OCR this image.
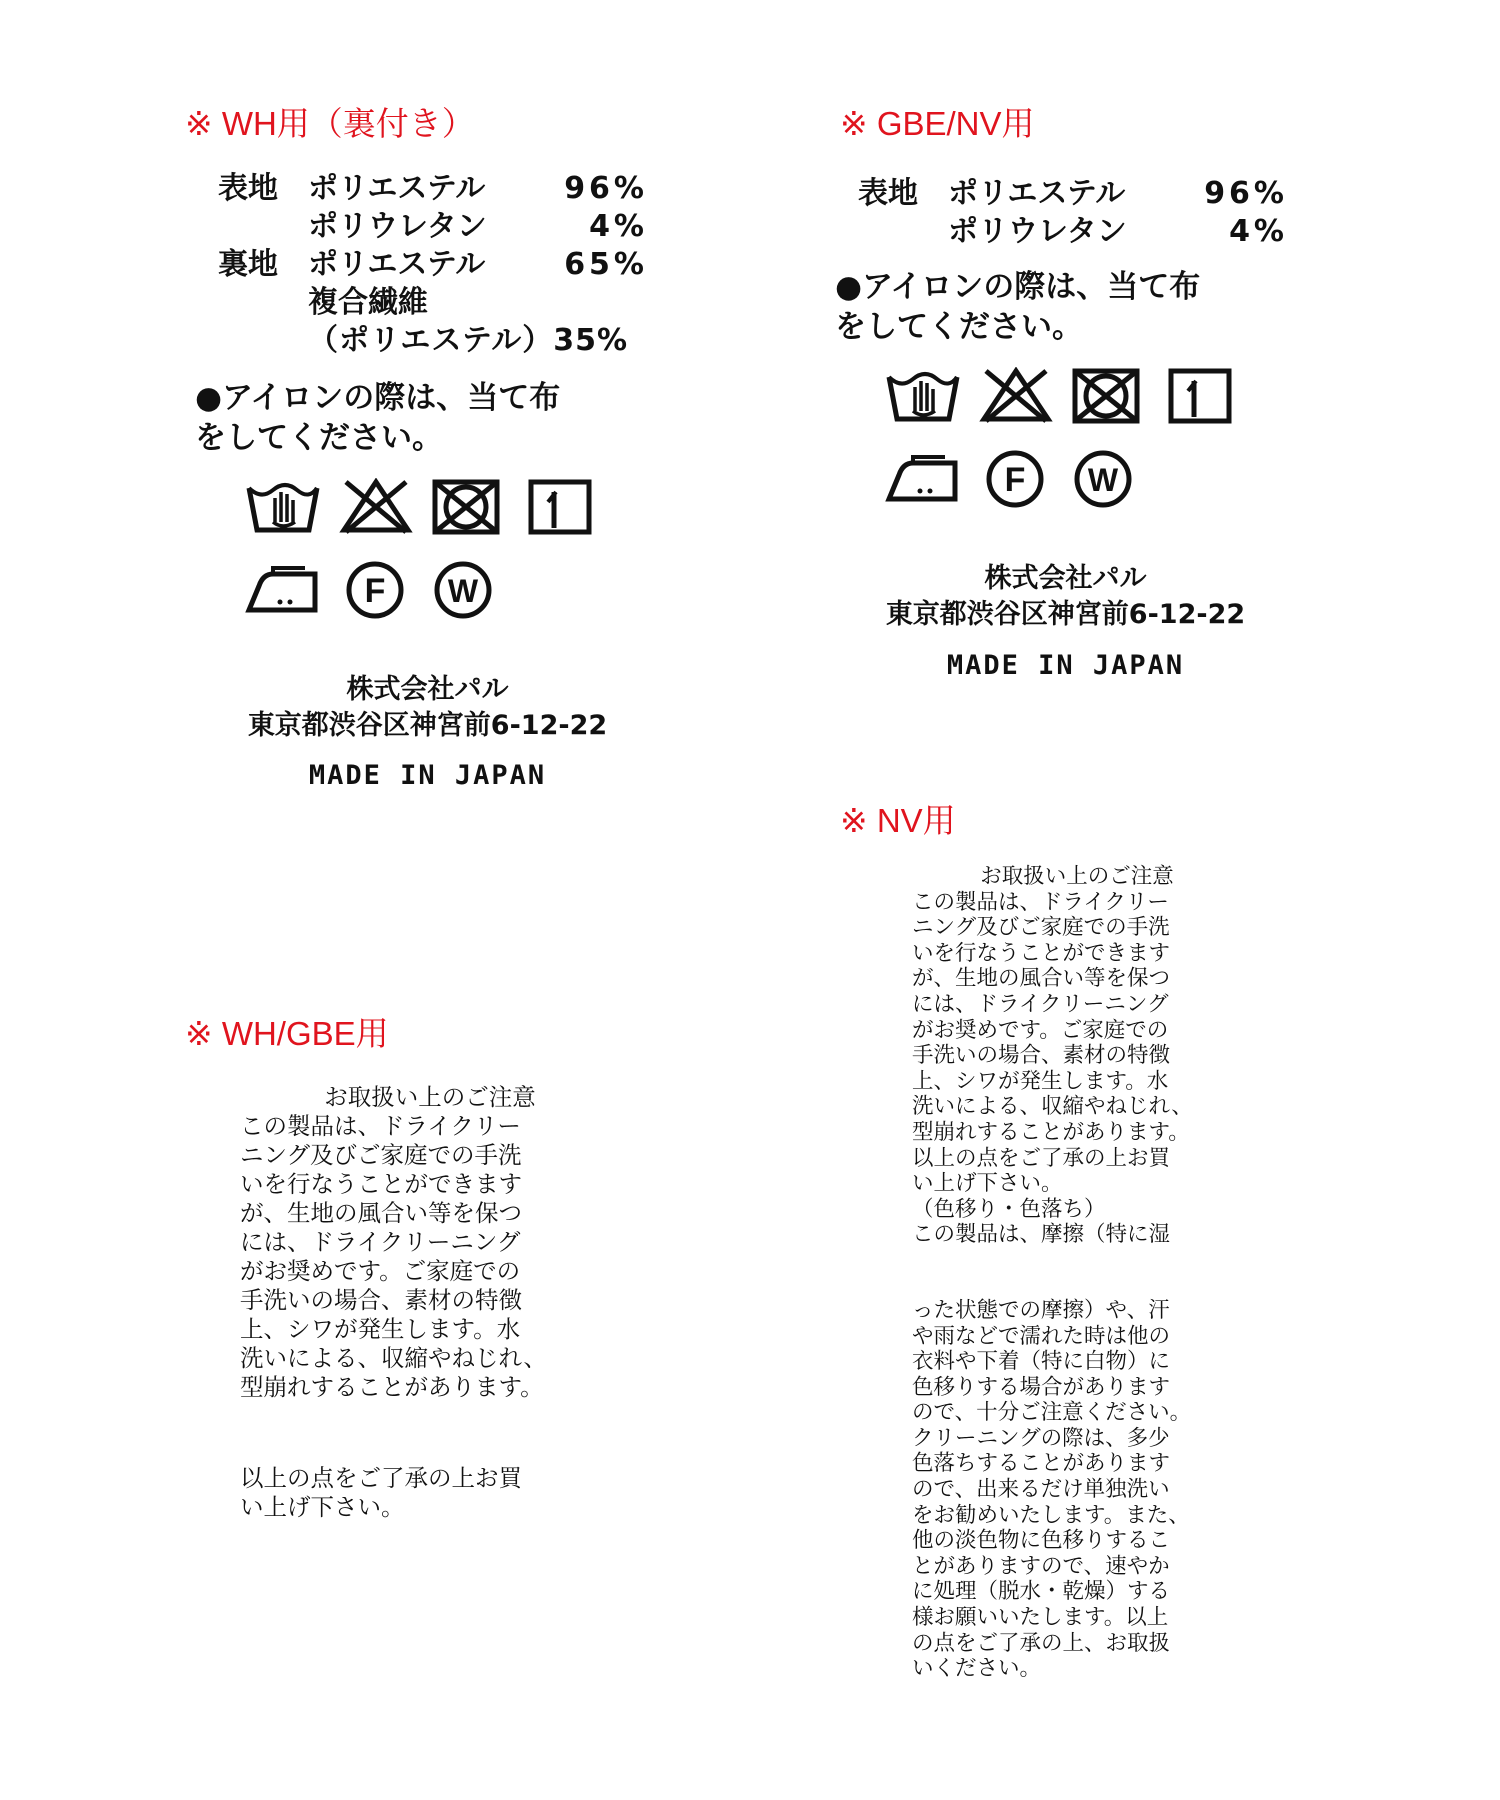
※ WH用（裏付き）	※ GBE/NV用
※ NV用
※ WH/GBE用
表地	ポリエステル	96%
ポリウレタン	4%
裏地	ポリエステル	65%
複合繊維
（ポリエステル）35%
●アイロンの際は、当て布
をしてください。
F W
株式会社パル
東京都渋谷区神宮前6-12-22
MADE IN JAPAN
表地	ポリエステル	96%
ポリウレタン	4%
●アイロンの際は、当て布
をしてください。
F W
株式会社パル
東京都渋谷区神宮前6-12-22
MADE IN JAPAN
お取扱い上のご注意

この製品は、ドライクリー
ニング及びご家庭での手洗
いを行なうことができます
が、生地の風合い等を保つ
には、ドライクリーニング
がお奨めです。ご家庭での
手洗いの場合、素材の特徴
上、シワが発生します。水
洗いによる、収縮やねじれ、
型崩れすることがあります。

以上の点をご了承の上お買
い上げ下さい。

お取扱い上のご注意

この製品は、ドライクリー
ニング及びご家庭での手洗
いを行なうことができます
が、生地の風合い等を保つ
には、ドライクリーニング
がお奨めです。ご家庭での
手洗いの場合、素材の特徴
上、シワが発生します。水
洗いによる、収縮やねじれ、
型崩れすることがあります。
以上の点をご了承の上お買
い上げ下さい。
（色移り・色落ち）
この製品は、摩擦（特に湿

った状態での摩擦）や、汗
や雨などで濡れた時は他の
衣料や下着（特に白物）に
色移りする場合があります
ので、十分ご注意ください。
クリーニングの際は、多少
色落ちすることがあります
ので、出来るだけ単独洗い
をお勧めいたします。また、
他の淡色物に色移りするこ
とがありますので、速やか
に処理（脱水・乾燥）する
様お願いいたします。以上
の点をご了承の上、お取扱
いください。
